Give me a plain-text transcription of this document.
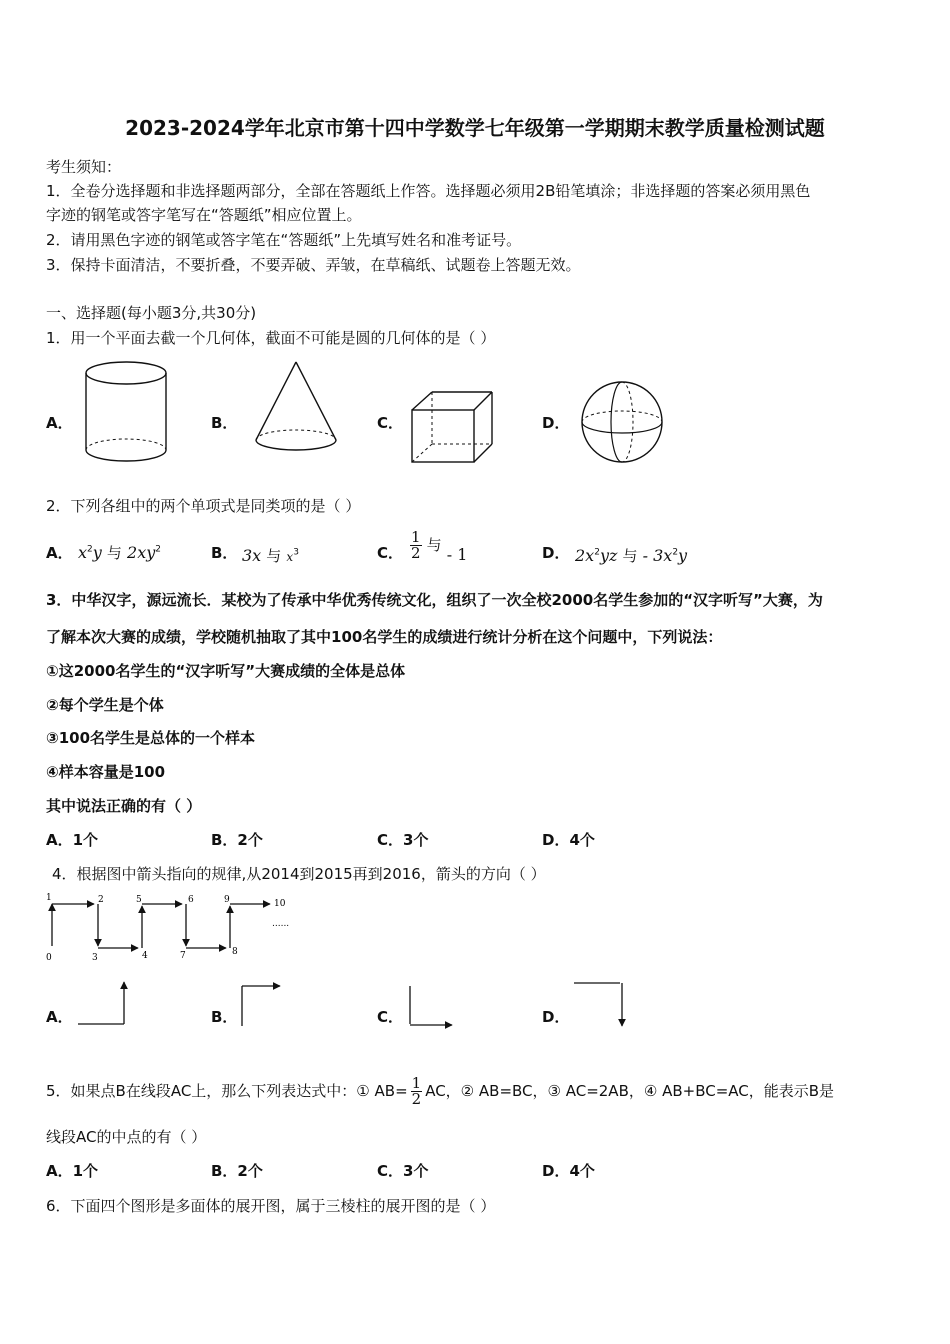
2023-2024学年北京市第十四中学数学七年级第一学期期末教学质量检测试题
考生须知：
1．全卷分选择题和非选择题两部分，全部在答题纸上作答。选择题必须用2B铅笔填涂；非选择题的答案必须用黑色
字迹的钢笔或答字笔写在“答题纸”相应位置上。
2．请用黑色字迹的钢笔或答字笔在“答题纸”上先填写姓名和准考证号。
3．保持卡面清洁，不要折叠，不要弄破、弄皱，在草稿纸、试题卷上答题无效。
一、选择题(每小题3分,共30分)
1．用一个平面去截一个几何体，截面不可能是圆的几何体的是（ ）
A．	B．	C．	D．
2．下列各组中的两个单项式是同类项的是（ ）
A． $x^2y$ 与 $2xy^2$	B． 3x 与 $x^3$	C． $\frac{1}{2}$ 与 - 1	D． $2x^2yz$ 与 - $3x^2y$
3．中华汉字，源远流长．某校为了传承中华优秀传统文化，组织了一次全校2000名学生参加的“汉字听写”大赛，为
了解本次大赛的成绩，学校随机抽取了其中100名学生的成绩进行统计分析在这个问题中，下列说法：
①这2000名学生的“汉字听写”大赛成绩的全体是总体
②每个学生是个体
③100名学生是总体的一个样本
④样本容量是100
其中说法正确的有（ ）
A．1个	B．2个	C．3个	D．4个
4．根据图中箭头指向的规律,从2014到2015再到2016，箭头的方向（ ）
0
1	2
3	4
5	6
7	8
9	10
......
A．	B．	C．	D．
5．如果点B在线段AC上，那么下列表达式中：① $AB= \frac{1}{2}$ AC，② AB=BC，③ AC=2AB，④ AB+BC=AC，能表示B是
线段AC的中点的有（ ）
A．1个	B．2个	C．3个	D．4个
6．下面四个图形是多面体的展开图，属于三棱柱的展开图的是（ ）
